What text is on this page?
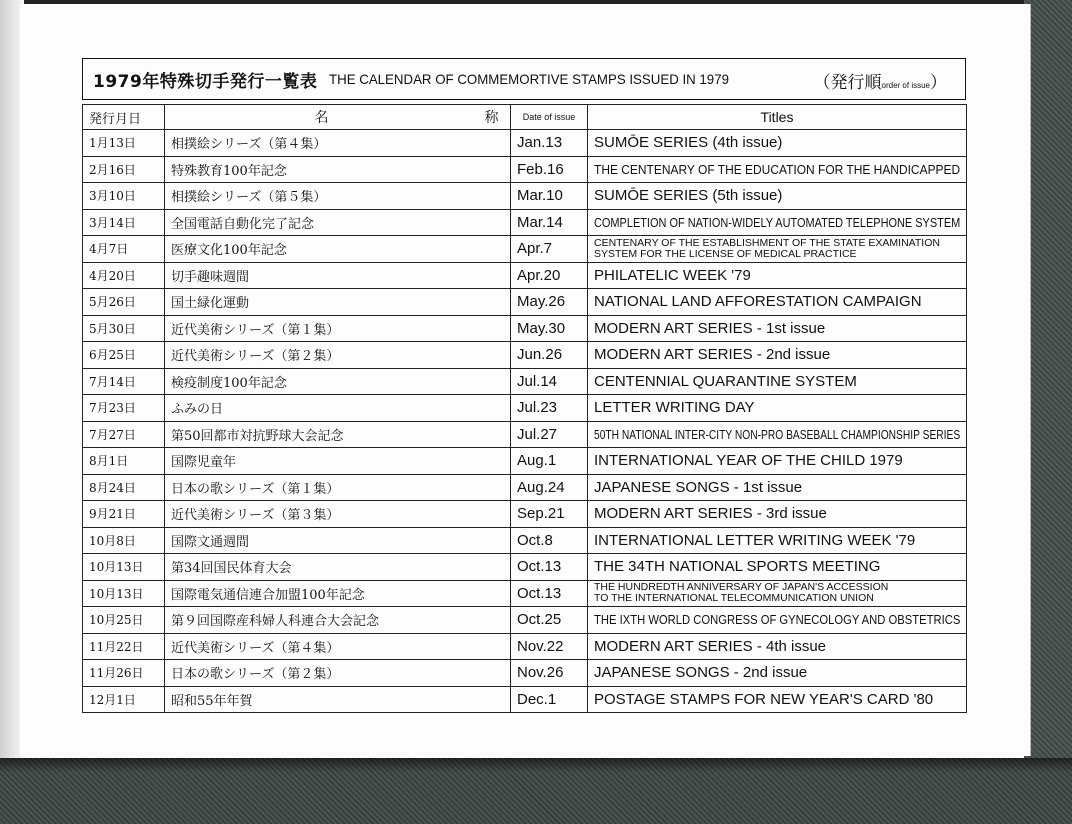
1979年特殊切手発行一覧表 THE CALENDAR OF COMMEMORTIVE STAMPS ISSUED IN 1979	（発行順order of issue）
発行月日	名 称	Date of issue	Titles
1月13日	相撲絵シリーズ（第４集）	Jan.13	SUMŌE SERIES (4th issue)
2月16日	特殊教育100年記念	Feb.16	THE CENTENARY OF THE EDUCATION FOR THE HANDICAPPED
3月10日	相撲絵シリーズ（第５集）	Mar.10	SUMŌE SERIES (5th issue)
3月14日	全国電話自動化完了記念	Mar.14	COMPLETION OF NATION-WIDELY AUTOMATED TELEPHONE SYSTEM
4月7日	医療文化100年記念	Apr.7	CENTENARY OF THE ESTABLISHMENT OF THE STATE EXAMINATION
SYSTEM FOR THE LICENSE OF MEDICAL PRACTICE

4月20日	切手趣味週間	Apr.20	PHILATELIC WEEK '79
5月26日	国土緑化運動	May.26	NATIONAL LAND AFFORESTATION CAMPAIGN
5月30日	近代美術シリーズ（第１集）	May.30	MODERN ART SERIES - 1st issue
6月25日	近代美術シリーズ（第２集）	Jun.26	MODERN ART SERIES - 2nd issue
7月14日	検疫制度100年記念	Jul.14	CENTENNIAL QUARANTINE SYSTEM
7月23日	ふみの日	Jul.23	LETTER WRITING DAY
7月27日	第50回都市対抗野球大会記念	Jul.27	50TH NATIONAL INTER-CITY NON-PRO BASEBALL CHAMPIONSHIP SERIES
8月1日	国際児童年	Aug.1	INTERNATIONAL YEAR OF THE CHILD 1979
8月24日	日本の歌シリーズ（第１集）	Aug.24	JAPANESE SONGS - 1st issue
9月21日	近代美術シリーズ（第３集）	Sep.21	MODERN ART SERIES - 3rd issue
10月8日	国際文通週間	Oct.8	INTERNATIONAL LETTER WRITING WEEK '79
10月13日	第34回国民体育大会	Oct.13	THE 34TH NATIONAL SPORTS MEETING
10月13日	国際電気通信連合加盟100年記念	Oct.13	THE HUNDREDTH ANNIVERSARY OF JAPAN'S ACCESSION
TO THE INTERNATIONAL TELECOMMUNICATION UNION

10月25日	第９回国際産科婦人科連合大会記念	Oct.25	THE IXTH WORLD CONGRESS OF GYNECOLOGY AND OBSTETRICS
11月22日	近代美術シリーズ（第４集）	Nov.22	MODERN ART SERIES - 4th issue
11月26日	日本の歌シリーズ（第２集）	Nov.26	JAPANESE SONGS - 2nd issue
12月1日	昭和55年年賀	Dec.1	POSTAGE STAMPS FOR NEW YEAR'S CARD '80
